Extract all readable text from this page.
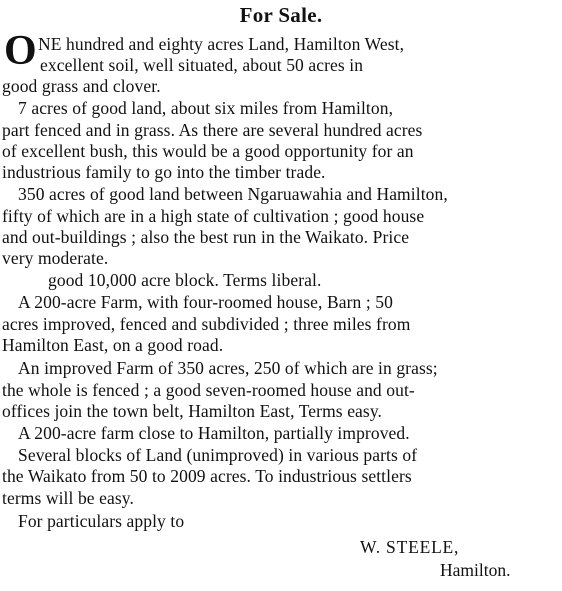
For Sale.
O NE hundred and eighty acres Land, Hamilton West,
excellent soil, well situated, about 50 acres in
good grass and clover.
7 acres of good land, about six miles from Hamilton,
part fenced and in grass. As there are several hundred acres
of excellent bush, this would be a good opportunity for an
industrious family to go into the timber trade.
350 acres of good land between Ngaruawahia and Hamilton,
fifty of which are in a high state of cultivation ; good house
and out-buildings ; also the best run in the Waikato. Price
very moderate.
good 10,000 acre block. Terms liberal.
A 200-acre Farm, with four-roomed house, Barn ; 50
acres improved, fenced and subdivided ; three miles from
Hamilton East, on a good road.
An improved Farm of 350 acres, 250 of which are in grass;
the whole is fenced ; a good seven-roomed house and out-
offices join the town belt, Hamilton East, Terms easy.
A 200-acre farm close to Hamilton, partially improved.
Several blocks of Land (unimproved) in various parts of
the Waikato from 50 to 2009 acres. To industrious settlers
terms will be easy.
For particulars apply to
W. STEELE,
Hamilton.
